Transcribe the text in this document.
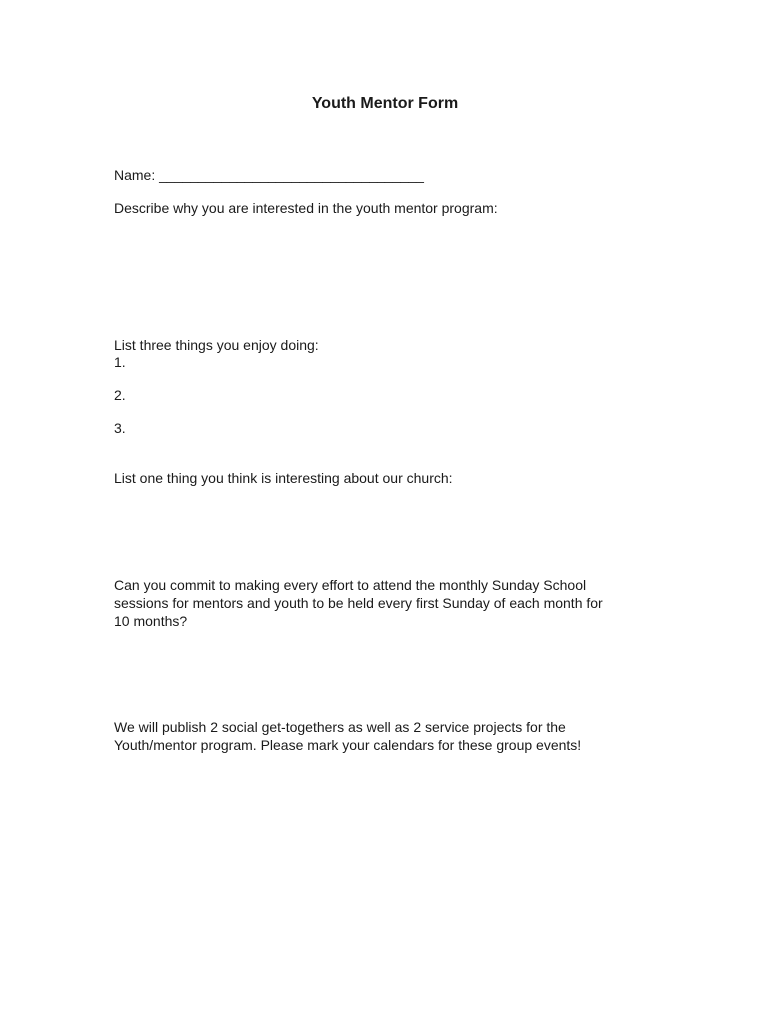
Youth Mentor Form
Name: __________________________________
Describe why you are interested in the youth mentor program:
List three things you enjoy doing:
1.
2.
3.
List one thing you think is interesting about our church:
Can you commit to making every effort to attend the monthly Sunday School
sessions for mentors and youth to be held every first Sunday of each month for
10 months?
We will publish 2 social get-togethers as well as 2 service projects for the
Youth/mentor program. Please mark your calendars for these group events!
